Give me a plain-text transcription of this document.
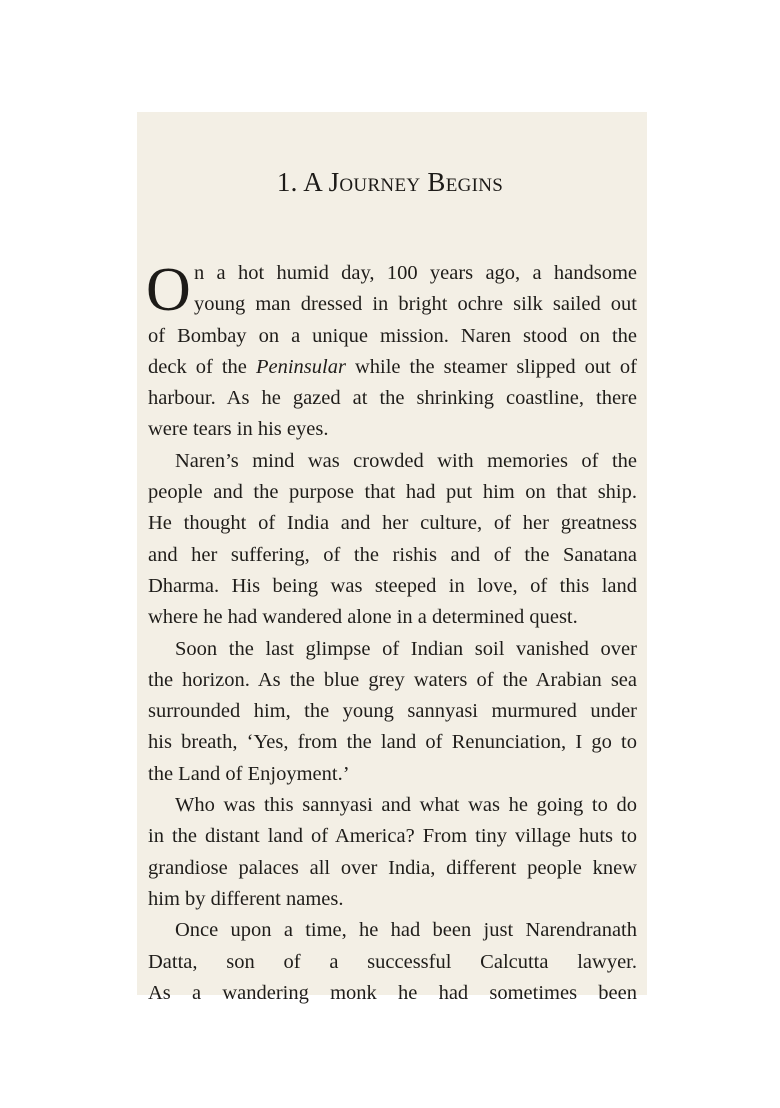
1. A Journey Begins
O n a hot humid day, 100 years ago, a handsome
young man dressed in bright ochre silk sailed out
of Bombay on a unique mission. Naren stood on the
deck of the Peninsular while the steamer slipped out of
harbour. As he gazed at the shrinking coastline, there
were tears in his eyes.
Naren’s mind was crowded with memories of the
people and the purpose that had put him on that ship.
He thought of India and her culture, of her greatness
and her suffering, of the rishis and of the Sanatana
Dharma. His being was steeped in love, of this land
where he had wandered alone in a determined quest.
Soon the last glimpse of Indian soil vanished over
the horizon. As the blue grey waters of the Arabian sea
surrounded him, the young sannyasi murmured under
his breath, ‘Yes, from the land of Renunciation, I go to
the Land of Enjoyment.’
Who was this sannyasi and what was he going to do
in the distant land of America? From tiny village huts to
grandiose palaces all over India, different people knew
him by different names.
Once upon a time, he had been just Narendranath
Datta, son of a successful Calcutta lawyer.
As a wandering monk he had sometimes been
